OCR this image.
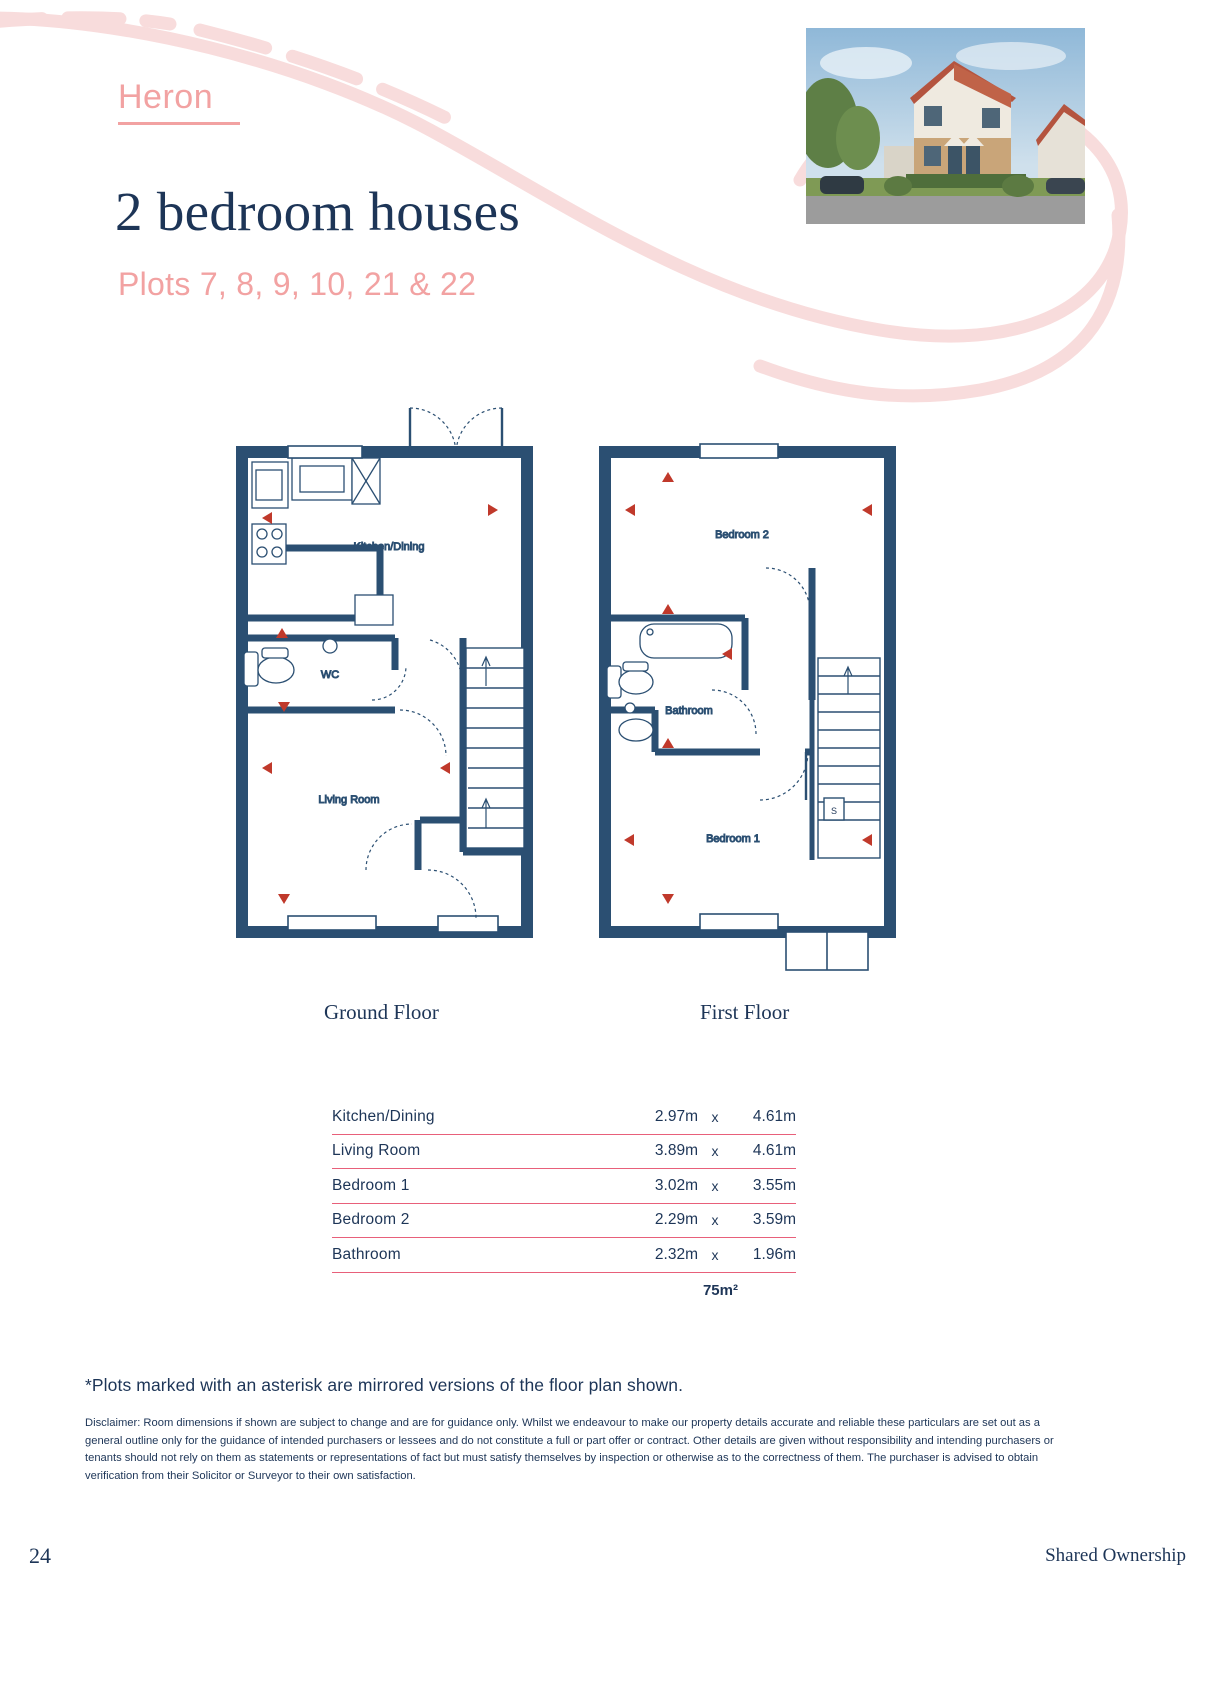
Heron
2 bedroom houses
Plots 7, 8, 9, 10, 21 & 22
Kitchen/Dining
WC
Living Room
S
Bedroom 2
Bathroom
Bedroom 1
Ground Floor	First Floor
Kitchen/Dining	2.97m x	4.61m
Living Room	3.89m x	4.61m
Bedroom 1	3.02m x	3.55m
Bedroom 2	2.29m x	3.59m
Bathroom	2.32m x	1.96m
75m²
*Plots marked with an asterisk are mirrored versions of the floor plan shown.
Disclaimer: Room dimensions if shown are subject to change and are for guidance only. Whilst we endeavour to make our property details accurate and reliable these particulars are set out as a general outline only for the guidance of intended purchasers or lessees and do not constitute a full or part offer or contract. Other details are given without responsibility and intending purchasers or tenants should not rely on them as statements or representations of fact but must satisfy themselves by inspection or otherwise as to the correctness of them. The purchaser is advised to obtain verification from their Solicitor or Surveyor to their own satisfaction.
24	Shared Ownership
